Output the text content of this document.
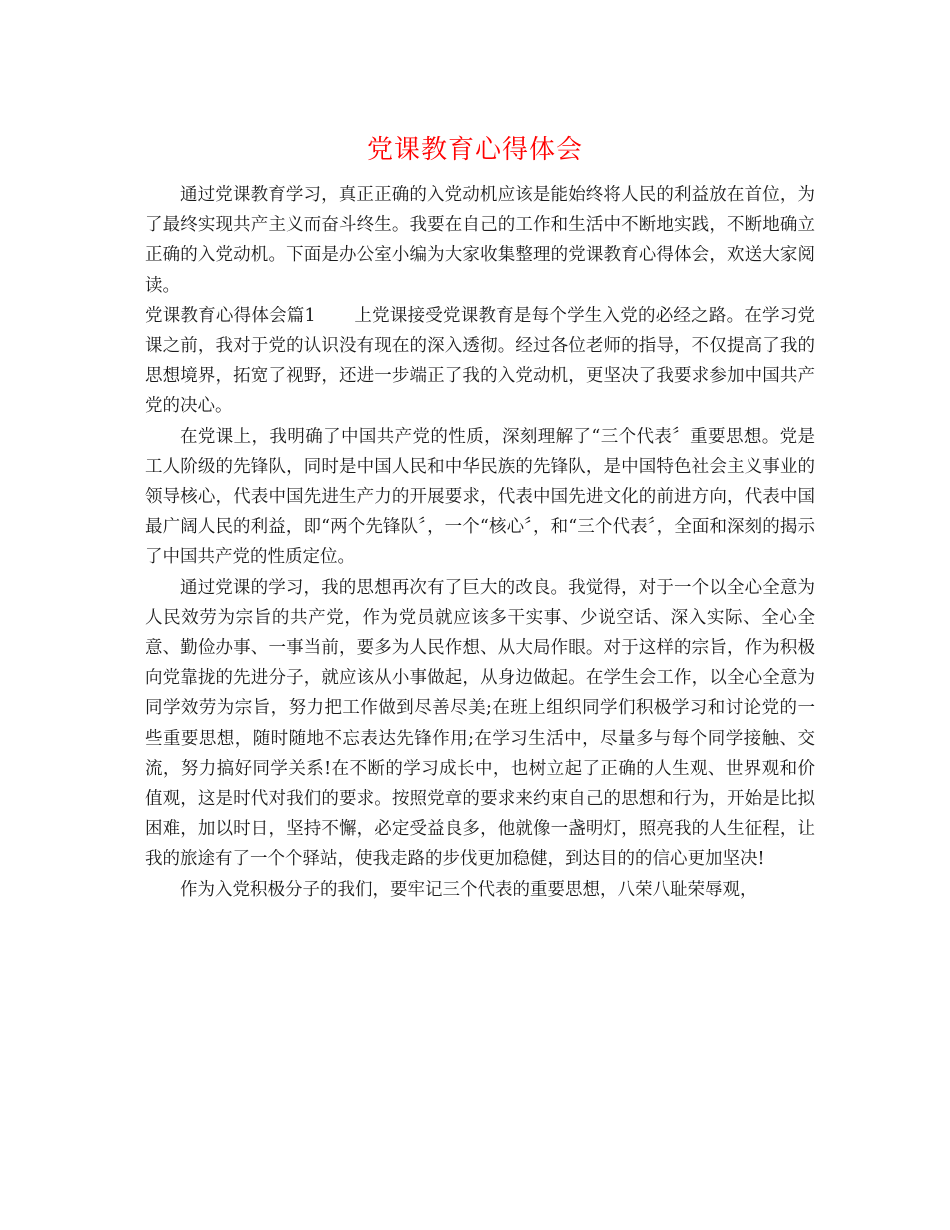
党课教育心得体会

通过党课教育学习，真正正确的入党动机应该是能始终将人民的利益放在首位，为了最终实现共产主义而奋斗终生。我要在自己的工作和生活中不断地实践，不断地确立正确的入党动机。下面是办公室小编为大家收集整理的党课教育心得体会，欢送大家阅读。

党课教育心得体会篇1 上党课接受党课教育是每个学生入党的必经之路。在学习党课之前，我对于党的认识没有现在的深入透彻。经过各位老师的指导，不仅提高了我的思想境界，拓宽了视野，还进一步端正了我的入党动机，更坚决了我要求参加中国共产党的决心。

在党课上，我明确了中国共产党的性质，深刻理解了“三个代表〞重要思想。党是工人阶级的先锋队，同时是中国人民和中华民族的先锋队，是中国特色社会主义事业的领导核心，代表中国先进生产力的开展要求，代表中国先进文化的前进方向，代表中国最广阔人民的利益，即“两个先锋队〞，一个“核心〞，和“三个代表〞，全面和深刻的揭示了中国共产党的性质定位。

通过党课的学习，我的思想再次有了巨大的改良。我觉得，对于一个以全心全意为人民效劳为宗旨的共产党，作为党员就应该多干实事、少说空话、深入实际、全心全意、勤俭办事、一事当前，要多为人民作想、从大局作眼。对于这样的宗旨，作为积极向党靠拢的先进分子，就应该从小事做起，从身边做起。在学生会工作，以全心全意为同学效劳为宗旨，努力把工作做到尽善尽美;在班上组织同学们积极学习和讨论党的一些重要思想，随时随地不忘表达先锋作用;在学习生活中，尽量多与每个同学接触、交流，努力搞好同学关系!在不断的学习成长中，也树立起了正确的人生观、世界观和价值观，这是时代对我们的要求。按照党章的要求来约束自己的思想和行为，开始是比拟困难，加以时日，坚持不懈，必定受益良多，他就像一盏明灯，照亮我的人生征程，让我的旅途有了一个个驿站，使我走路的步伐更加稳健，到达目的的信心更加坚决!

作为入党积极分子的我们，要牢记三个代表的重要思想，八荣八耻荣辱观，
